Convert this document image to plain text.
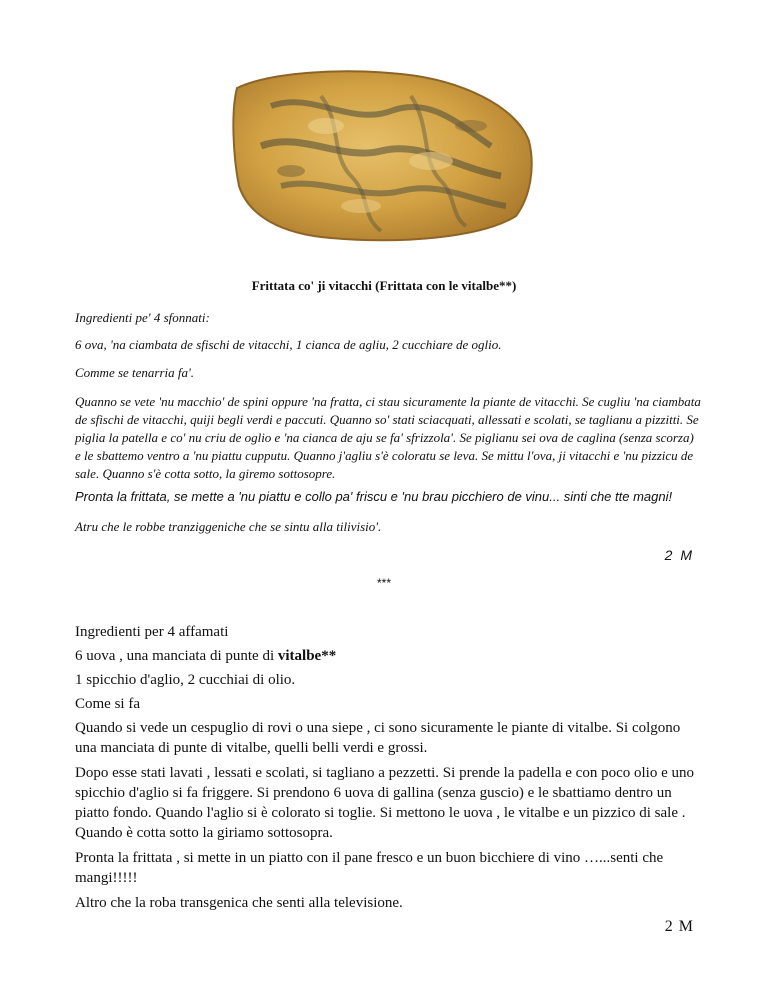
Frittata co' ji vitacchi (Frittata con le vitalbe**)

Ingredienti pe' 4 sfonnati:

6 ova, 'na ciambata de sfischi de vitacchi, 1 cianca de agliu, 2 cucchiare de oglio.

Comme se tenarria fa'.

Quanno se vete 'nu macchio' de spini oppure 'na fratta, ci stau sicuramente la piante de vitacchi. Se cugliu 'na ciambata de sfischi de vitacchi, quiji begli verdi e paccuti. Quanno so' stati sciacquati, allessati e scolati, se taglianu a pizzitti. Se piglia la patella e co' nu criu de oglio e 'na cianca de aju se fa' sfrizzola'. Se piglianu sei ova de caglina (senza scorza) e le sbattemo ventro a 'nu piattu cupputu. Quanno j'agliu s'è coloratu se leva. Se mittu l'ova, ji vitacchi e 'nu pizzicu de sale. Quanno s'è cotta sotto, la giremo sottosopre.

Pronta la frittata, se mette a 'nu piattu e collo pa' friscu e 'nu brau picchiero de vinu... sinti che tte magni!

Atru che le robbe tranziggeniche che se sintu alla tilivisio'.

2 M

***

Ingredienti per 4 affamati

6 uova , una manciata di punte di vitalbe**

1 spicchio d'aglio, 2 cucchiai di olio.

Come si fa

Quando si vede un cespuglio di rovi o una siepe , ci sono sicuramente le piante di vitalbe. Si colgono una manciata di punte di vitalbe, quelli belli verdi e grossi.

Dopo esse stati lavati , lessati e scolati, si tagliano a pezzetti. Si prende la padella e con poco olio e uno spicchio d'aglio si fa friggere. Si prendono 6 uova di gallina (senza guscio) e le sbattiamo dentro un piatto fondo. Quando l'aglio si è colorato si toglie. Si mettono le uova , le vitalbe e un pizzico di sale . Quando è cotta sotto la giriamo sottosopra.

Pronta la frittata , si mette in un piatto con il pane fresco e un buon bicchiere di vino …...senti che mangi!!!!!

Altro che la roba transgenica che senti alla televisione.

2 M
